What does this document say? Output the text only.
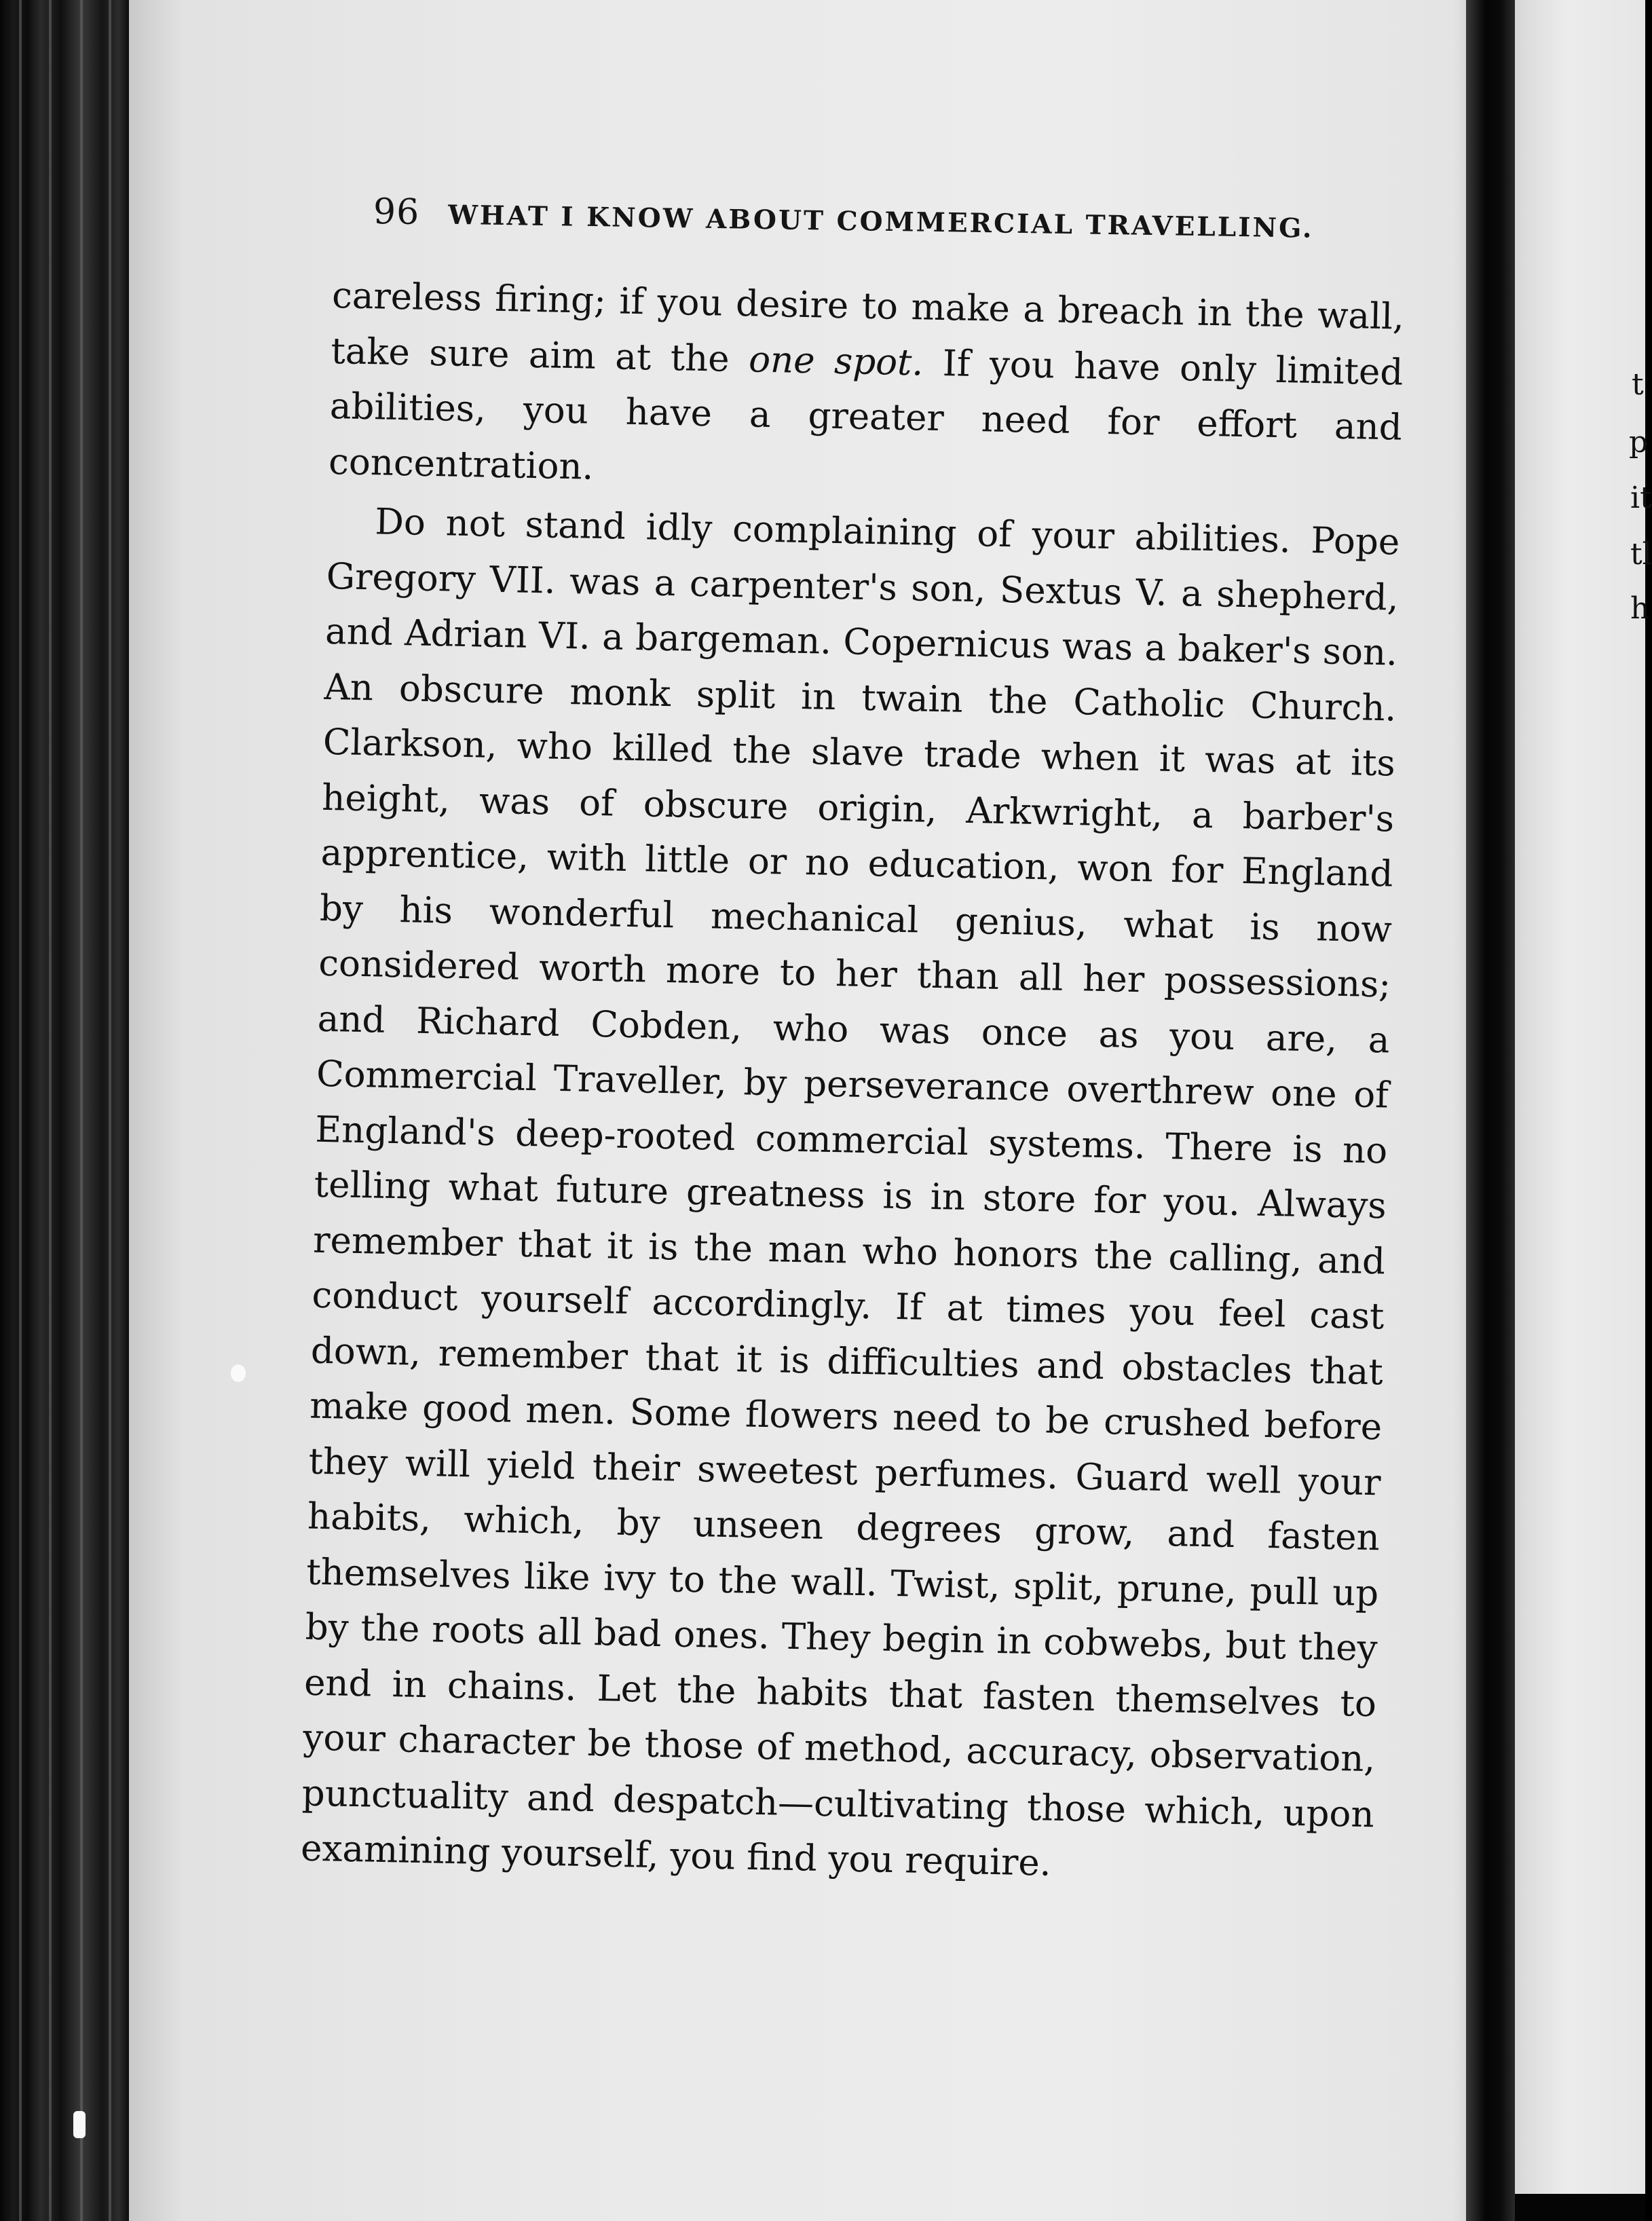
96 WHAT I KNOW ABOUT COMMERCIAL TRAVELLING.

careless firing; if you desire to make a breach in the wall, take sure aim at the one spot. If you have only limited abilities, you have a greater need for effort and concentration.

Do not stand idly complaining of your abilities. Pope Gregory VII. was a carpenter's son, Sextus V. a shepherd, and Adrian VI. a bargeman. Copernicus was a baker's son. An obscure monk split in twain the Catholic Church. Clarkson, who killed the slave trade when it was at its height, was of obscure origin, Arkwright, a barber's apprentice, with little or no education, won for England by his wonderful mechanical genius, what is now considered worth more to her than all her possessions; and Richard Cobden, who was once as you are, a Commercial Traveller, by perseverance overthrew one of England's deep-rooted commercial systems. There is no telling what future greatness is in store for you. Always remember that it is the man who honors the calling, and conduct yourself accordingly. If at times you feel cast down, remember that it is difficulties and obstacles that make good men. Some flowers need to be crushed before they will yield their sweetest perfumes. Guard well your habits, which, by unseen degrees grow, and fasten themselves like ivy to the wall. Twist, split, prune, pull up by the roots all bad ones. They begin in cobwebs, but they end in chains. Let the habits that fasten themselves to your character be those of method, accuracy, observation, punctuality and despatch—cultivating those which, upon examining yourself, you find you require.

t
p
it
tl
h
